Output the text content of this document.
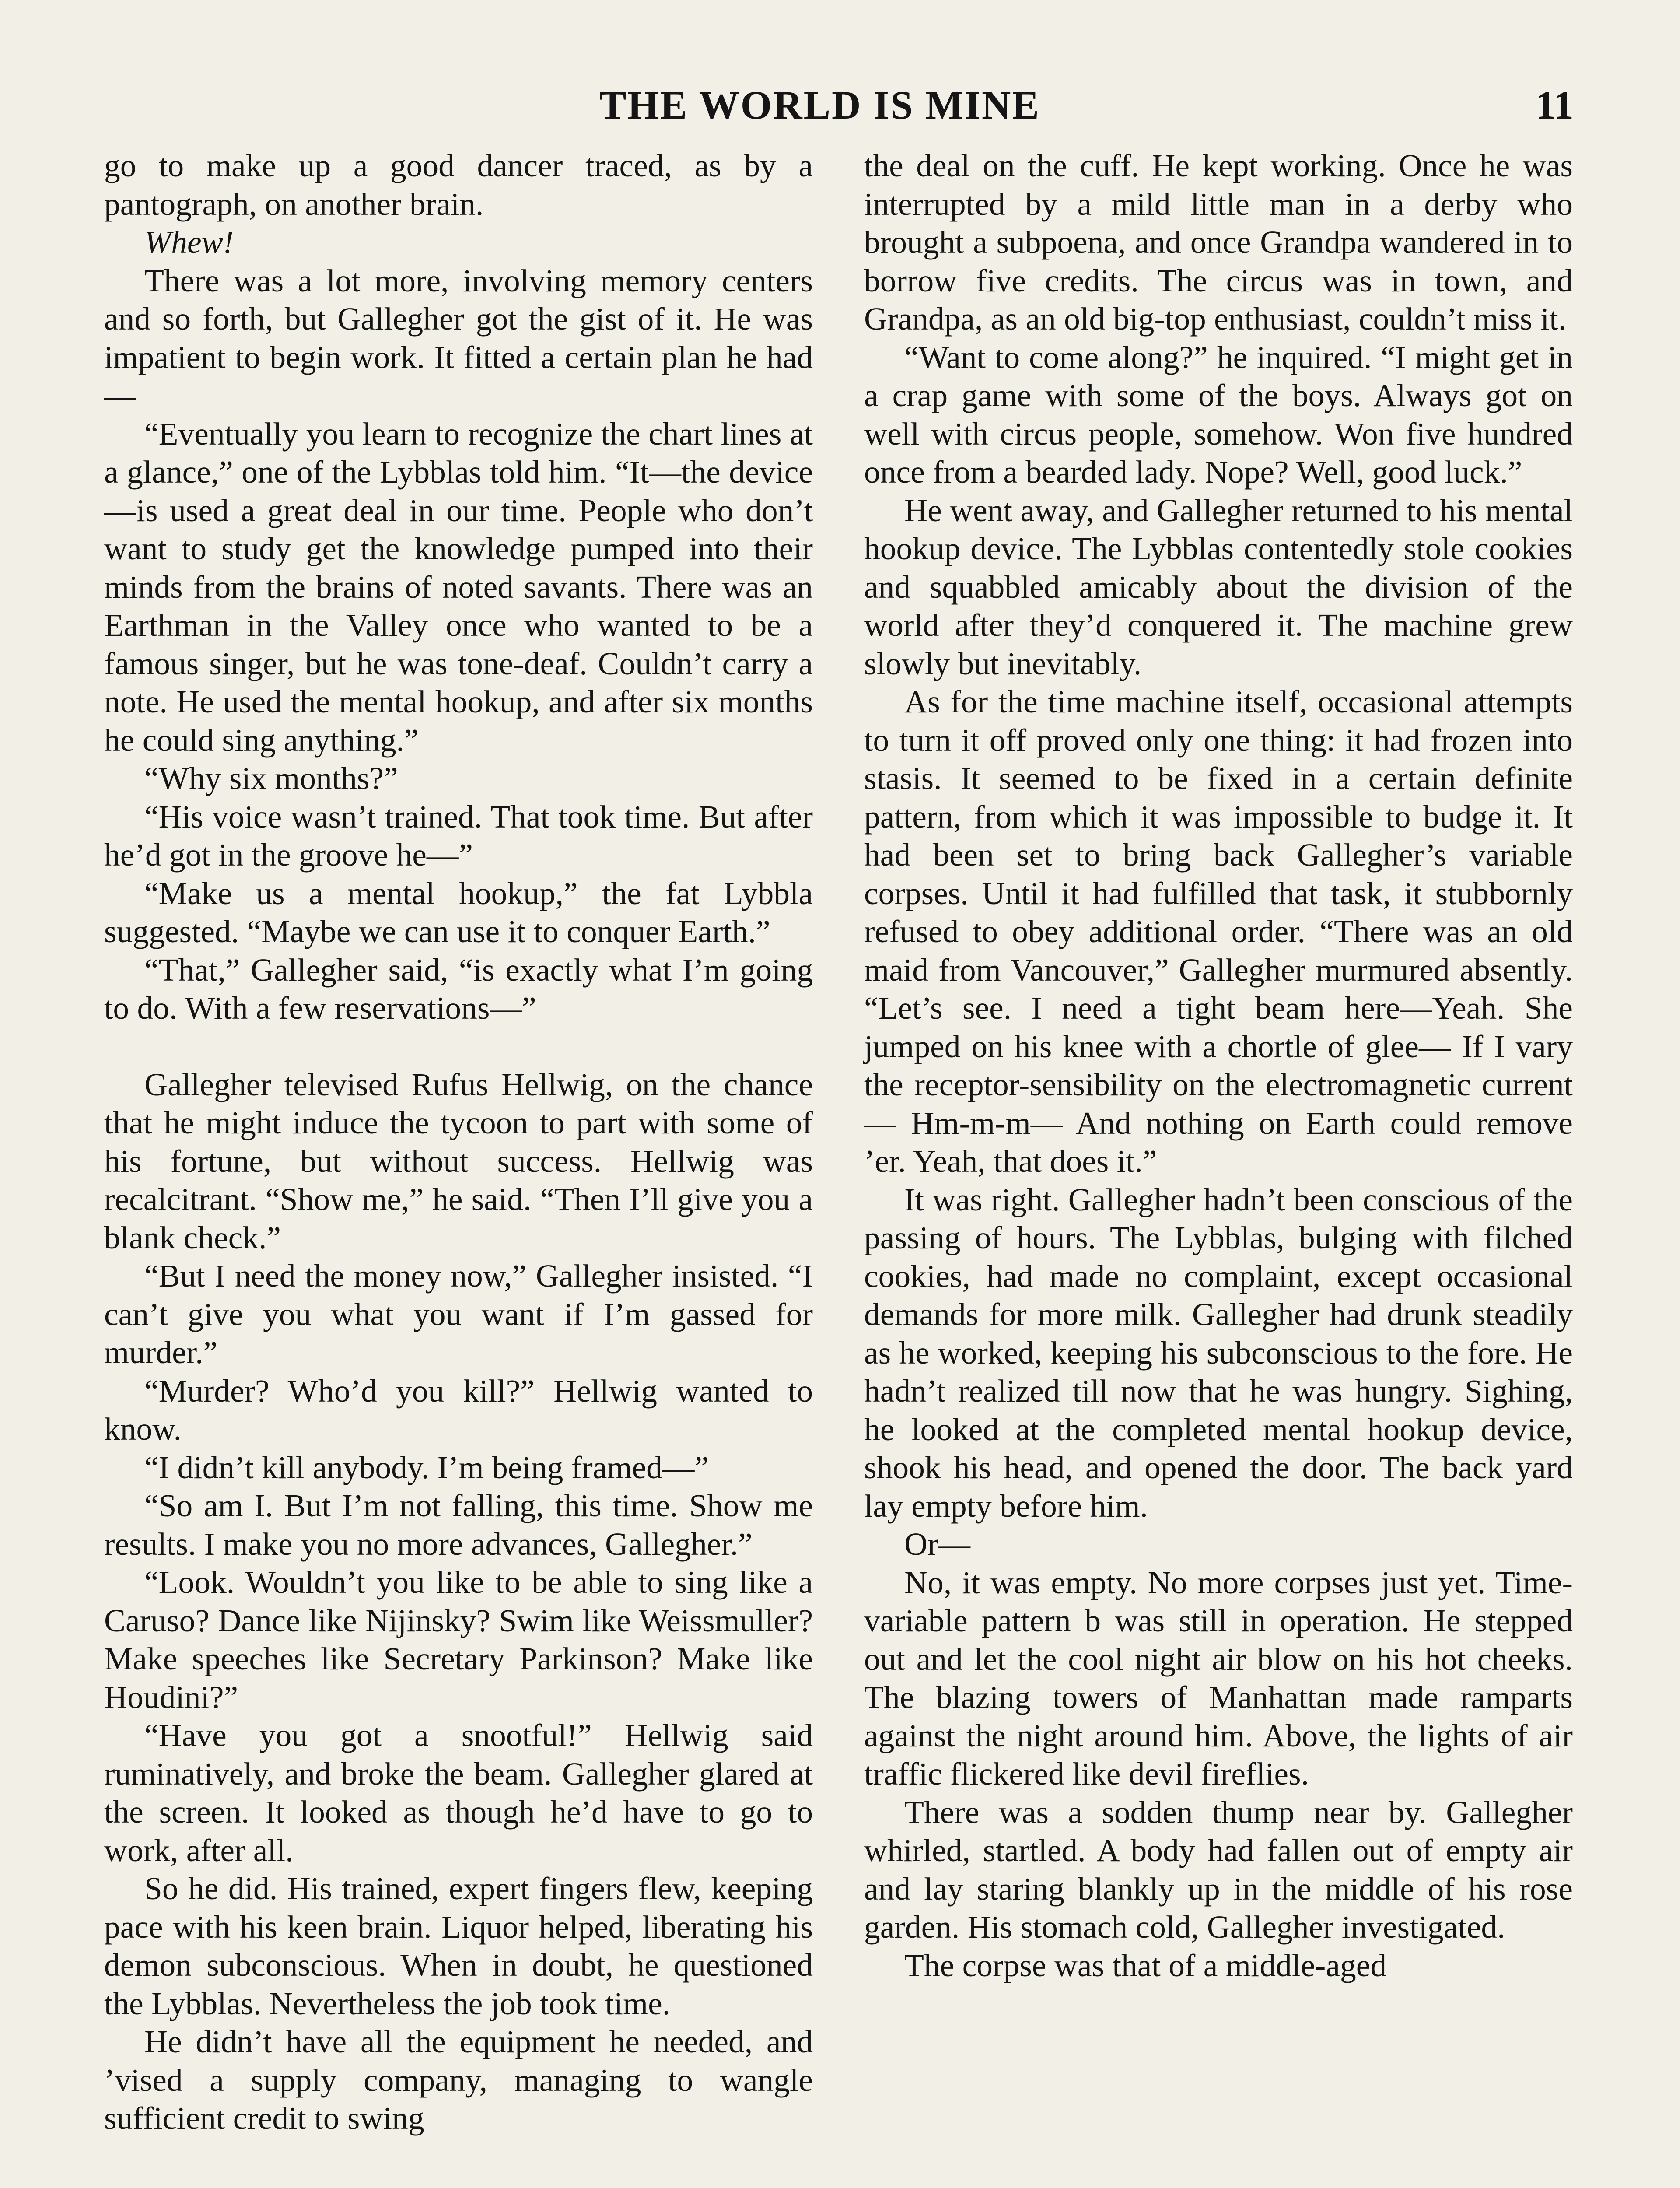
THE WORLD IS MINE	11

go to make up a good dancer traced, as by a pantograph, on another brain.

Whew!

There was a lot more, involving memory centers and so forth, but Gallegher got the gist of it. He was impatient to begin work. It fitted a certain plan he had—

“Eventually you learn to recognize the chart lines at a glance,” one of the Lybblas told him. “It—the device—is used a great deal in our time. People who don’t want to study get the knowledge pumped into their minds from the brains of noted savants. There was an Earthman in the Valley once who wanted to be a famous singer, but he was tone-deaf. Couldn’t carry a note. He used the mental hookup, and after six months he could sing anything.”

“Why six months?”

“His voice wasn’t trained. That took time. But after he’d got in the groove he—”

“Make us a mental hookup,” the fat Lybbla suggested. “Maybe we can use it to conquer Earth.”

“That,” Gallegher said, “is exactly what I’m going to do. With a few reservations—”

Gallegher televised Rufus Hellwig, on the chance that he might induce the tycoon to part with some of his fortune, but without success. Hellwig was recalcitrant. “Show me,” he said. “Then I’ll give you a blank check.”

“But I need the money now,” Gallegher insisted. “I can’t give you what you want if I’m gassed for murder.”

“Murder? Who’d you kill?” Hellwig wanted to know.

“I didn’t kill anybody. I’m being framed—”

“So am I. But I’m not falling, this time. Show me results. I make you no more advances, Gallegher.”

“Look. Wouldn’t you like to be able to sing like a Caruso? Dance like Nijinsky? Swim like Weissmuller? Make speeches like Secretary Parkinson? Make like Houdini?”

“Have you got a snootful!” Hellwig said ruminatively, and broke the beam. Gallegher glared at the screen. It looked as though he’d have to go to work, after all.

So he did. His trained, expert fingers flew, keeping pace with his keen brain. Liquor helped, liberating his demon subconscious. When in doubt, he questioned the Lybblas. Nevertheless the job took time.

He didn’t have all the equipment he needed, and ’vised a supply company, managing to wangle sufficient credit to swing

the deal on the cuff. He kept working. Once he was interrupted by a mild little man in a derby who brought a subpoena, and once Grandpa wandered in to borrow five credits. The circus was in town, and Grandpa, as an old big-top enthusiast, couldn’t miss it.

“Want to come along?” he inquired. “I might get in a crap game with some of the boys. Always got on well with circus people, somehow. Won five hundred once from a bearded lady. Nope? Well, good luck.”

He went away, and Gallegher returned to his mental hookup device. The Lybblas contentedly stole cookies and squabbled amicably about the division of the world after they’d conquered it. The machine grew slowly but inevitably.

As for the time machine itself, occasional attempts to turn it off proved only one thing: it had frozen into stasis. It seemed to be fixed in a certain definite pattern, from which it was impossible to budge it. It had been set to bring back Gallegher’s variable corpses. Until it had fulfilled that task, it stubbornly refused to obey additional order. “There was an old maid from Vancouver,” Gallegher murmured absently. “Let’s see. I need a tight beam here—Yeah. She jumped on his knee with a chortle of glee— If I vary the receptor-sensibility on the electromagnetic current— Hm-m-m— And nothing on Earth could remove ’er. Yeah, that does it.”

It was right. Gallegher hadn’t been conscious of the passing of hours. The Lybblas, bulging with filched cookies, had made no complaint, except occasional demands for more milk. Gallegher had drunk steadily as he worked, keeping his subconscious to the fore. He hadn’t realized till now that he was hungry. Sighing, he looked at the completed mental hookup device, shook his head, and opened the door. The back yard lay empty before him.

Or—

No, it was empty. No more corpses just yet. Time-variable pattern b was still in operation. He stepped out and let the cool night air blow on his hot cheeks. The blazing towers of Manhattan made ramparts against the night around him. Above, the lights of air traffic flickered like devil fireflies.

There was a sodden thump near by. Gallegher whirled, startled. A body had fallen out of empty air and lay staring blankly up in the middle of his rose garden. His stomach cold, Gallegher investigated.

The corpse was that of a middle-aged
